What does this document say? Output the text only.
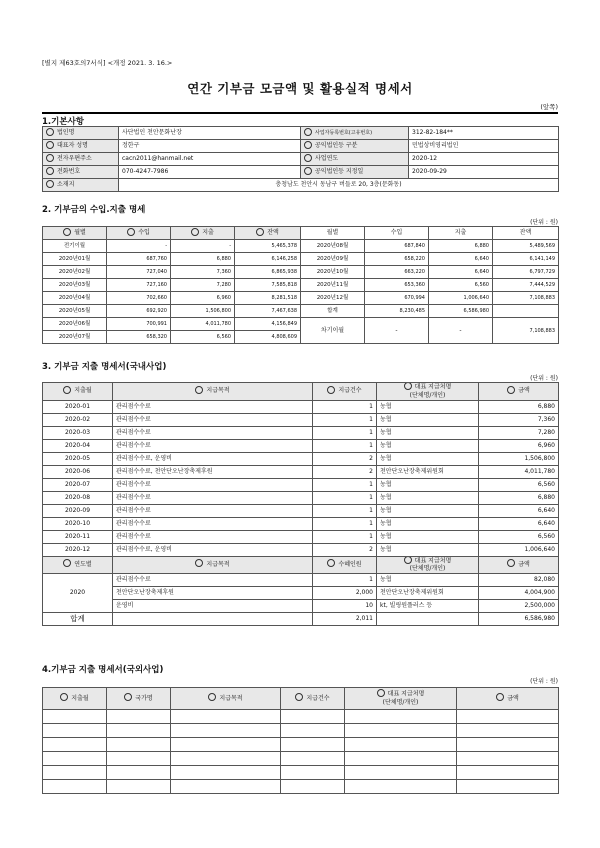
[별지 제63호의7서식] <개정 2021. 3. 16.>
연간 기부금 모금액 및 활용실적 명세서
(앞쪽)
1.기본사항
법인명	사단법인 천안문화난장	사업자등록번호(고유번호)	312-82-184**
대표자 성명	정한구	공익법인등 구분	민법상비영리법인
전자우편주소	cacn2011@hanmail.net	사업연도	2020-12
전화번호	070-4247-7986	공익법인등 지정일	2020-09-29
소재지	충청남도 천안시 동남구 버들로 20, 3층(문화동)		
2. 기부금의 수입.지출 명세
(단위 : 원)
월별	수입	지출	잔액	월별	수입	지출	잔액
전기이월	-	-	5,465,378	2020년08월	687,840	6,880	5,489,569
2020년01월	687,760	6,880	6,146,258	2020년09월	658,220	6,640	6,141,149
2020년02월	727,040	7,360	6,865,938	2020년10월	663,220	6,640	6,797,729
2020년03월	727,160	7,280	7,585,818	2020년11월	653,360	6,560	7,444,529
2020년04월	702,660	6,960	8,281,518	2020년12월	670,994	1,006,640	7,108,883
2020년05월	692,920	1,506,800	7,467,638	합계	8,230,485	6,586,980	
2020년06월	700,991	4,011,780	4,156,849	차기이월	-	-	7,108,883
2020년07월	658,320	6,560	4,808,609				
3. 기부금 지출 명세서(국내사업)
(단위 : 원)
지출월	지급목적	지급건수	대표 지급처명
(단체명/개인)	금액
2020-01	관리점수수료	1	농협	6,880
2020-02	관리점수수료	1	농협	7,360
2020-03	관리점수수료	1	농협	7,280
2020-04	관리점수수료	1	농협	6,960
2020-05	관리점수수료, 운영비	2	농협	1,506,800
2020-06	관리점수수료, 천안단오난장축제후원	2	천안단오난장축제위원회	4,011,780
2020-07	관리점수수료	1	농협	6,560
2020-08	관리점수수료	1	농협	6,880
2020-09	관리점수수료	1	농협	6,640
2020-10	관리점수수료	1	농협	6,640
2020-11	관리점수수료	1	농협	6,560
2020-12	관리점수수료, 운영비	2	농협	1,006,640
연도별	지급목적	수혜인원	대표 지급처명
(단체명/개인)	금액
2020	관리점수수료	1	농협	82,080
	천안단오난장축제후원	2,000	천안단오난장축제위원회	4,004,900
	운영비	10	kt, 빌링원플러스 등	2,500,000
합계		2,011		6,586,980
4.기부금 지출 명세서(국외사업)
(단위 : 원)
지출월	국가명	지급목적	지급건수	대표 지급처명
(단체명/개인)	금액
